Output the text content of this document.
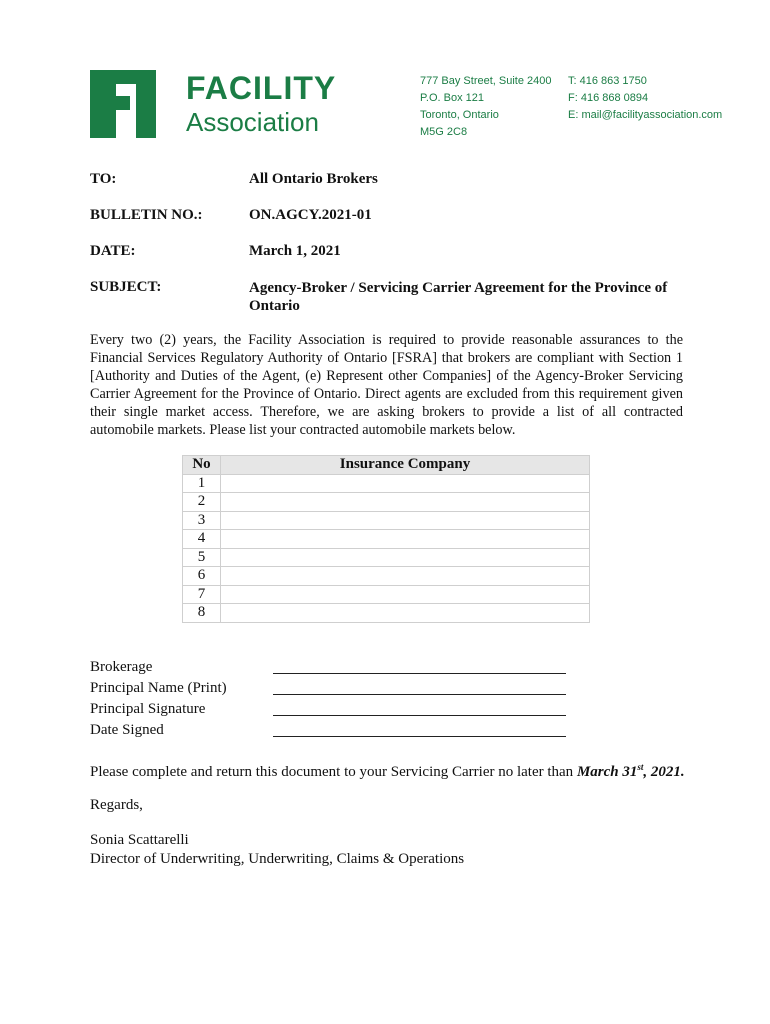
FACILITY
Association
777 Bay Street, Suite 2400
P.O. Box 121
Toronto, Ontario
M5G 2C8
T: 416 863 1750
F: 416 868 0894
E: mail@facilityassociation.com
TO:	All Ontario Brokers
BULLETIN NO.:	ON.AGCY.2021-01
DATE:	March 1, 2021
SUBJECT:	Agency-Broker / Servicing Carrier Agreement for the Province of Ontario
Every two (2) years, the Facility Association is required to provide reasonable assurances to the Financial Services Regulatory Authority of Ontario [FSRA] that brokers are compliant with Section 1 [Authority and Duties of the Agent, (e) Represent other Companies] of the Agency-Broker Servicing Carrier Agreement for the Province of Ontario. Direct agents are excluded from this requirement given their single market access. Therefore, we are asking brokers to provide a list of all contracted automobile markets. Please list your contracted automobile markets below.
No	Insurance Company
1	
2	
3	
4	
5	
6	
7	
8	
Brokerage
Principal Name (Print)
Principal Signature
Date Signed
Please complete and return this document to your Servicing Carrier no later than March 31st, 2021.
Regards,
Sonia Scattarelli
Director of Underwriting, Underwriting, Claims & Operations
